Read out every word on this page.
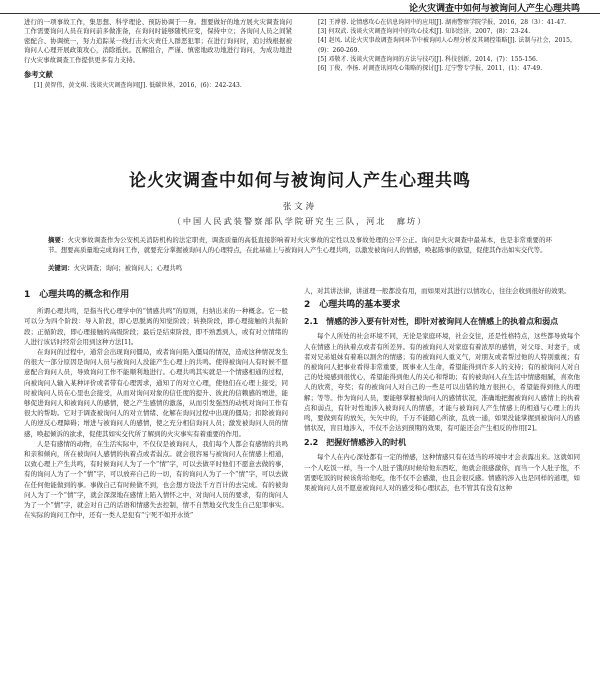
论火灾调查中如何与被询问人产生心理共鸣

进行的一项事故工作，集思想、科学理论、预防协调于一身。想要做好的地方展火灾调查询问工作需要询问人员在询问前多做准备，在询问时能够随机应变，保持中立；各询问人员之间紧密配合、协调统一，努力追踪某一线打击火灾责任人群恶犯罪；在进行询问时，追讨线根据被询问人心理开展政策攻心，消除抵抗。瓦解组合，严谨、慎密地政功地进行询问，为成功地进行火灾事故调查工作提供更多有力支持。

参考文献

[1] 黄智伟，黄文琪. 浅谈火灾调查询问[J]. 低碳世界，2016，(6)：242-243.

[2] 王溥蓉. 论情感攻心在信息询问中的应用[J]. 湖南警察学院学报，2016，28（3）：41-47.

[3] 何双武. 浅谈火灾调查询问中的攻心技术[J]. 知识经济，2007，(8)：23-24.

[4] 赵凤. 试论火灾事故调查询问环节中被询问人心理分析及其调控策略[J]. 法制与社会，2015，(9)：260-269.

[5] 邓敬才. 浅谈火灾调查询问的方法与技巧[J]. 科技创新，2014，(7)：155-156.

[6] 丁俊，李扬. 对调查讯问攻心策略的探讨[J]. 辽宁警专学报，2011，(1)：47-49.

论火灾调查中如何与被询问人产生心理共鸣
张文涛
（中国人民武装警察部队学院研究生三队，河北　廊坊）
摘要：火灾事故调查作为公安机关消防机构的法定职责，调查质量的高低直接影响着对火灾事故的定性以及事故处理的公平公正。询问是火灾调查中最基本，也是非常重要的环节。想要高质量地完成询问工作，就要充分掌握被询问人的心理特点，在此基础上与被询问人产生心理共鸣，以激发被询问人的情感，唤起陈事的欲望，促使其作出如实交代等。
关键词：火灾调查；询问；被询问人；心理共鸣
1　心理共鸣的概念和作用

所谓心理共鸣，是指当代心理学中的“情感共鸣”的原则，归纳出来的一种概念。它一般可以分为四个阶段：导入阶段，即心思脱离的知觉阶段；转换阶段，即心理接触的共振阶段；正循阶段，即心理接触的高级阶段；最后是结束阶段，即不熟悉到人，或有对立情绪的人进行该话时经常会用到这种方法[1]。

在询问的过程中，通常会出现询问僵局，或者询问陷入僵局的情况，造成这种情况发生的很大一部分原因是询问人员与被询问人没能产生心理上的共鸣。使得被询问人有时候不愿意配合询问人员，导致询问工作不能顺利地进行。心理共鸣其实就是一个情感相通的过程，向被询问人输入某种评价或者带有心理需求，通知了的对立心理，使他们在心理上接受，同时被询问人员在心里也会接受，从而对询问对象的信任度的提升、彼此的信赖感的增进，能够促进询问人和被询问人的感情，使之产生感情的激荡，从而引发强烈的动机对询问工作有很大的帮助。它对于调查被询问人的对立情绪、化解在询问过程中出现的僵局；扣除被询问人的逆反心理障碍；增进与被询问人的感情，使之充分相信询问人员；激发被询问人员的情感，唤起倾诉的欲求，促使其如实交代所了解到的火灾事实有着重要的作用。

人是有感情的动物，在生活实际中，不仅仅是被询问人，我们每个人都会有感情的共鸣和亲和倾向，所在被询问人感情的执着点或者弱点。就会很容易与被询问人在情感上相通，以致心理上产生共鸣，有时候询问人为了一个“情”字，可以去做平时他们不愿意去做的事，有的询问人为了一个“情”字，可以放弃自己的一切，有的询问人为了一个“情”字，可以去做在任何他能做到的事。事做自己有时候做不到，也会想方设法千方百计的去完成。有的被询问人为了一个“情”字，就会深深地在感情上陷入情怀之中，对询问人员的要求，有的询问人为了一个“情”字，就会对自己的话语和情感失去控制，情不自禁地交代发生自己犯罪事实。在实际的询问工作中，还有一类人是犯有“宁死不如开水烫”

人，对其讲法律，讲道理一般都没有用，而如果对其进行以情攻心，往往会收到很好的效果。

2　心理共鸣的基本要求
2.1　情感的涉入要有针对性，即针对被询问人在情感上的执着点和弱点

每个人所处的社会环境不同，无论是家庭环境，社会交往，还是性格特点，这些都导致每个人在情感上的执着点或者有所差异。有的被询问人对家庭有着浓厚的感情，对父母、对妻子，或者对兄弟姐妹有着难以割舍的情感；有的被询问人重义气，对朋友或者帮过他的人特别重视；有的被询问人把事业看得非常重要，既事业人生命，希望能得到许多人的支持；有的被询问人对自己的处境感到很忧心，希望能得到他人的关心和帮助；有的被询问人在生活中情感细腻，喜欢他人的欣赏，夸奖；有的被询问人对自己的一些足可以出错的地方很担心，希望能得到他人的理解；等等。作为询问人员，要能够掌握被询问人的感情状况，准确地把握被询问人感情上的执着点和弱点，有针对性地涉入被询问人的情感，才能与被询问人产生情感上的相通与心理上的共鸣，要做到有的放矢，矢矢中的，千万不能随心所欲，乱放一通，如果没能掌握到被询问人的感情状况，盲目地涉入，不仅不会达到预期的效果，有可能还会产生相反的作用[2]。

2.2　把握好情感涉入的时机

每个人在内心深处都有一定的憎感，这种情感只有在适当的环境中才会表露出来。这就如同一个人吃饭一样，当一个人肚子饿的时候给他东西吃，他就会很感激你，而当一个人肚子饱，不需要吃饭的时候该你给他吃，他不仅不会感激，也且会很反感。情感的涉入也是同样的道理，如果被询问人员不愿意被询问人对的感受和心理状态，也不管其有没有这种
